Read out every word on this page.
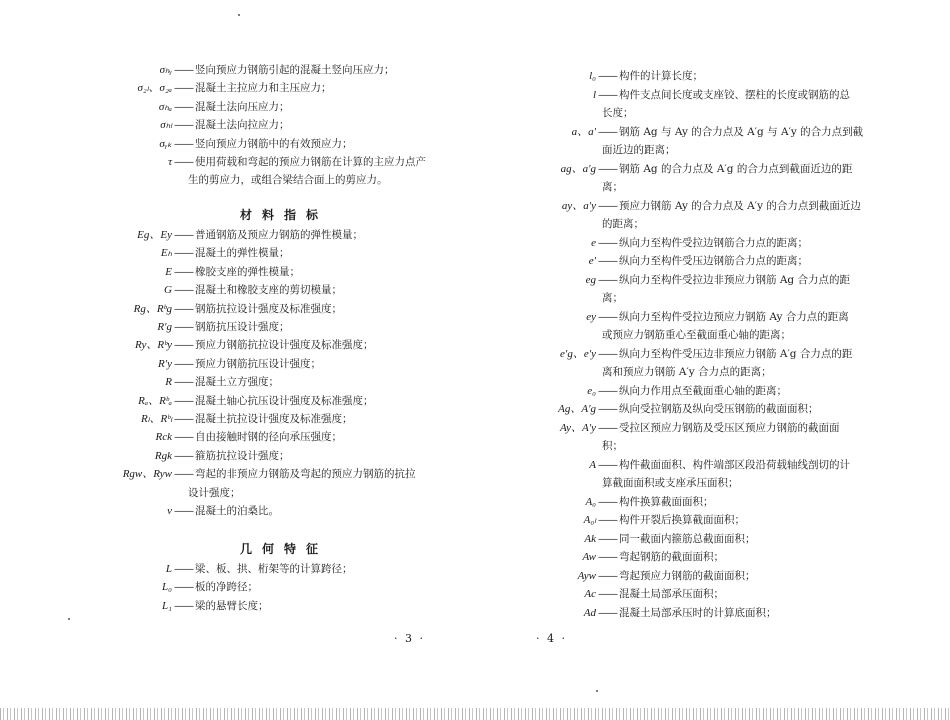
σₕᵧ —— 竖向预应力钢筋引起的混凝土竖向压应力；
σ₂ₗ、σ₂ₐ —— 混凝土主拉应力和主压应力；
σₕₐ —— 混凝土法向压应力；
σₕₗ —— 混凝土法向拉应力；
σᵧₖ —— 竖向预应力钢筋中的有效预应力；
τ —— 使用荷载和弯起的预应力钢筋在计算的主应力点产
生的剪应力，或组合梁结合面上的剪应力。
材料指标
Eg、Ey —— 普通钢筋及预应力钢筋的弹性模量；
Eₕ —— 混凝土的弹性模量；
E —— 橡胶支座的弹性模量；
G —— 混凝土和橡胶支座的剪切模量；
Rg、Rᵇg —— 钢筋抗拉设计强度及标准强度；
R′g —— 钢筋抗压设计强度；
Ry、Rᵇy —— 预应力钢筋抗拉设计强度及标准强度；
R′y —— 预应力钢筋抗压设计强度；
R —— 混凝土立方强度；
Rₐ、Rᵇₐ —— 混凝土轴心抗压设计强度及标准强度；
Rₗ、Rᵇₗ —— 混凝土抗拉设计强度及标准强度；
Rck —— 自由接触时钢的径向承压强度；
Rgk —— 箍筋抗拉设计强度；
Rgw、Ryw —— 弯起的非预应力钢筋及弯起的预应力钢筋的抗拉
设计强度；
ν —— 混凝土的泊桑比。
几何特征
L —— 梁、板、拱、桁架等的计算跨径；
L₀ —— 板的净跨径；
L₁ —— 梁的悬臂长度；
· 3 ·
l₀ —— 构件的计算长度；
l —— 构件支点间长度或支座铰、摆柱的长度或钢筋的总
长度；
a、a′ —— 钢筋 Ag 与 Ay 的合力点及 A′g 与 A′y 的合力点到截
面近边的距离；
ag、a′g —— 钢筋 Ag 的合力点及 A′g 的合力点到截面近边的距
离；
ay、a′y —— 预应力钢筋 Ay 的合力点及 A′y 的合力点到截面近边
的距离；
e —— 纵向力至构件受拉边钢筋合力点的距离；
e′ —— 纵向力至构件受压边钢筋合力点的距离；
eg —— 纵向力至构件受拉边非预应力钢筋 Ag 合力点的距
离；
ey —— 纵向力至构件受拉边预应力钢筋 Ay 合力点的距离
或预应力钢筋重心至截面重心轴的距离；
e′g、e′y —— 纵向力至构件受压边非预应力钢筋 A′g 合力点的距
离和预应力钢筋 A′y 合力点的距离；
e₀ —— 纵向力作用点至截面重心轴的距离；
Ag、A′g —— 纵向受拉钢筋及纵向受压钢筋的截面面积；
Ay、A′y —— 受拉区预应力钢筋及受压区预应力钢筋的截面面
积；
A —— 构件截面面积、构件端部区段沿荷载轴线剖切的计
算截面面积或支座承压面积；
A₀ —— 构件换算截面面积；
A₀ₗ —— 构件开裂后换算截面面积；
Ak —— 同一截面内箍筋总截面面积；
Aw —— 弯起钢筋的截面面积；
Ayw —— 弯起预应力钢筋的截面面积；
Ac —— 混凝土局部承压面积；
Ad —— 混凝土局部承压时的计算底面积；
· 4 ·
